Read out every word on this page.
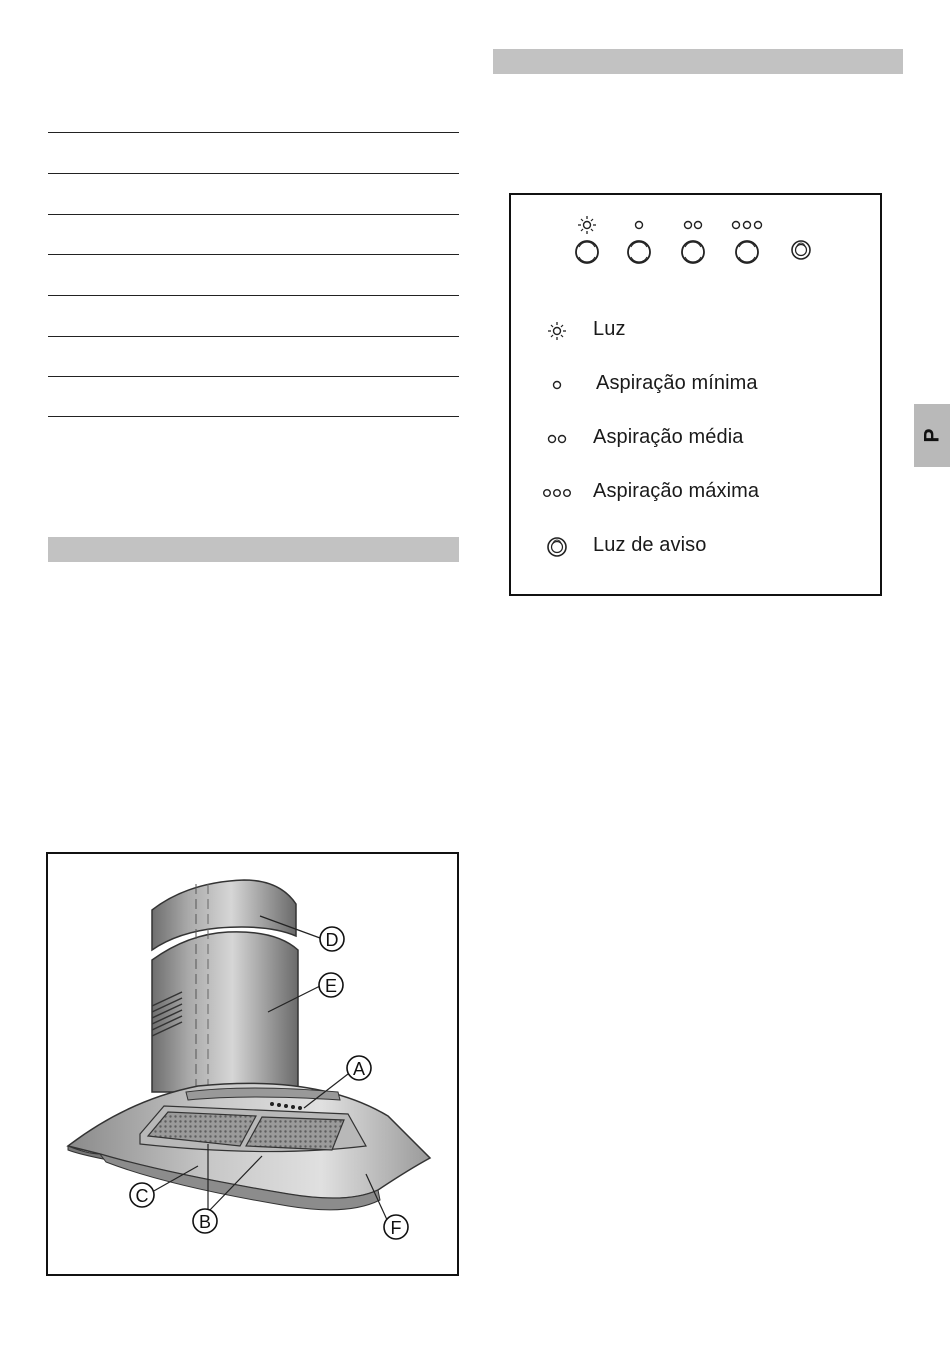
P
Luz
Aspiração mínima
Aspiração média
Aspiração máxima
Luz de aviso
D
E
A
C
B	F
